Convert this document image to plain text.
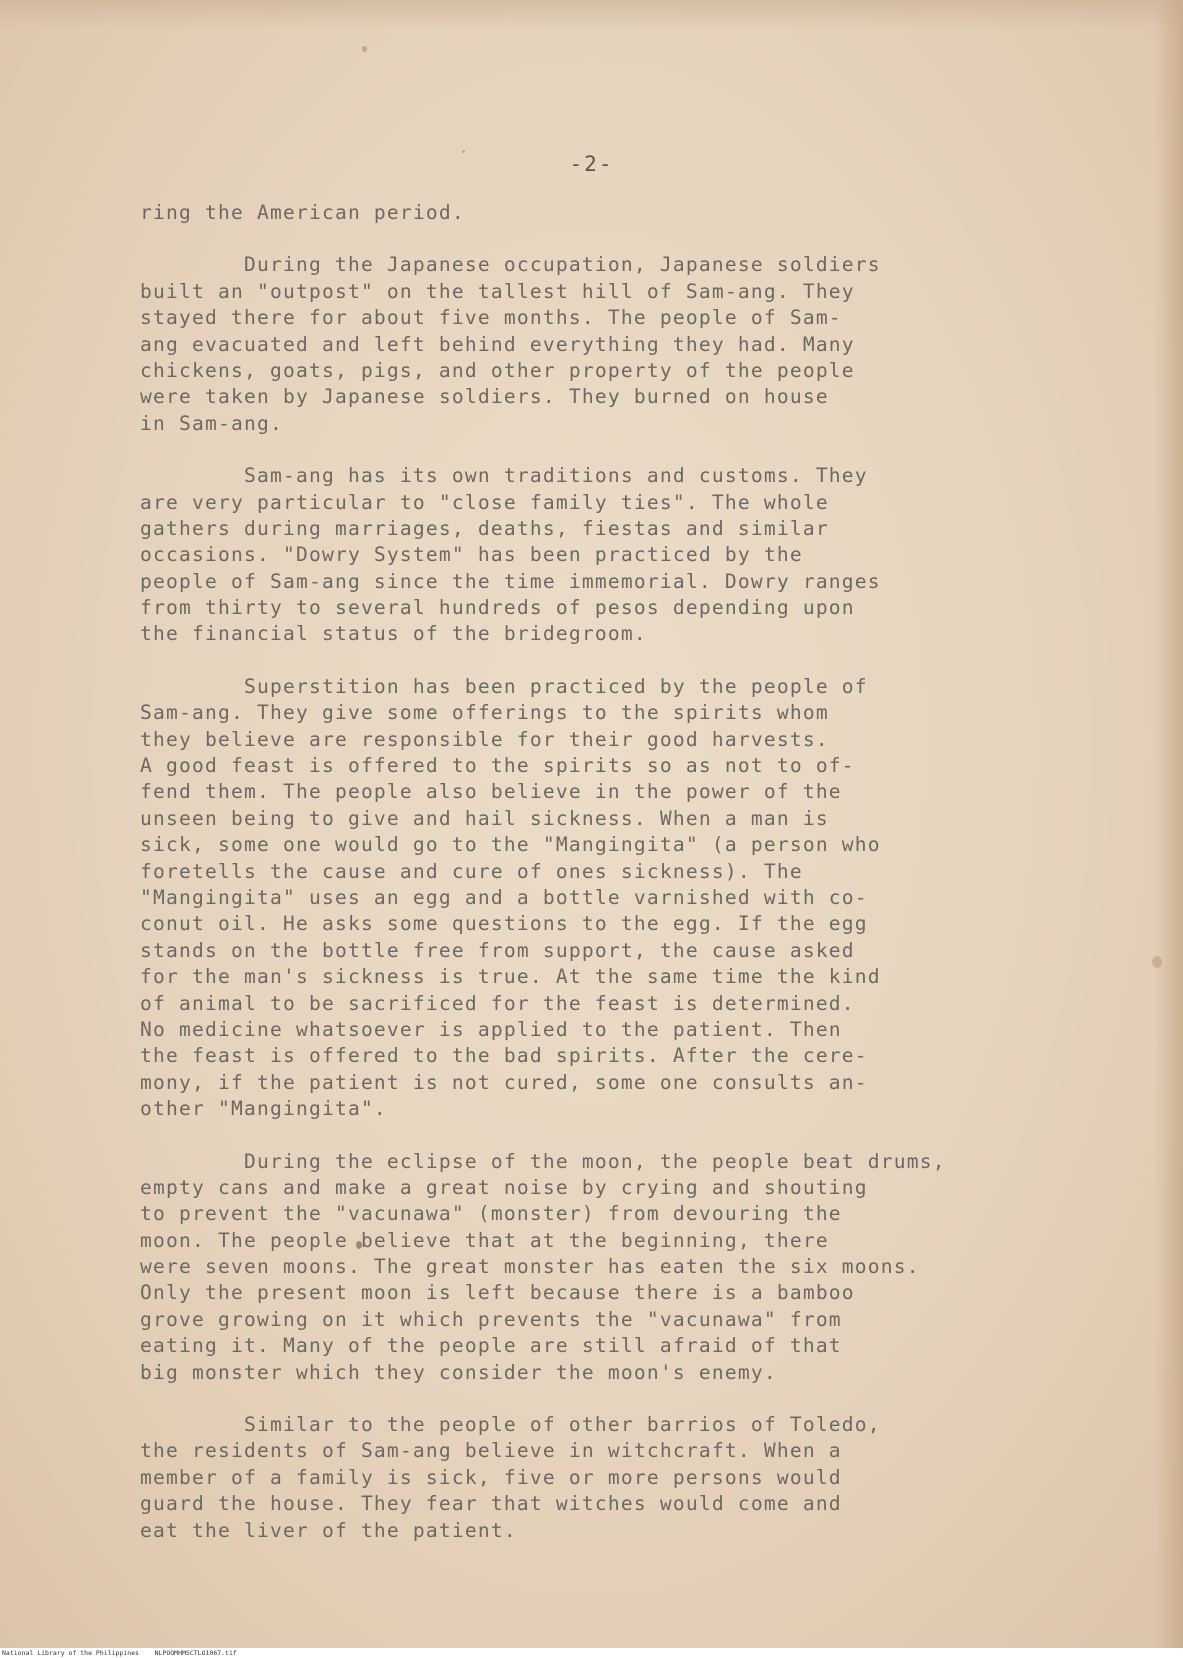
-2-
ring the American period.
During the Japanese occupation, Japanese soldiers
built an "outpost" on the tallest hill of Sam-ang. They
stayed there for about five months. The people of Sam-
ang evacuated and left behind everything they had. Many
chickens, goats, pigs, and other property of the people
were taken by Japanese soldiers. They burned on house
in Sam-ang.
Sam-ang has its own traditions and customs. They
are very particular to "close family ties". The whole
gathers during marriages, deaths, fiestas and similar
occasions. "Dowry System" has been practiced by the
people of Sam-ang since the time immemorial. Dowry ranges
from thirty to several hundreds of pesos depending upon
the financial status of the bridegroom.
Superstition has been practiced by the people of
Sam-ang. They give some offerings to the spirits whom
they believe are responsible for their good harvests.
A good feast is offered to the spirits so as not to of-
fend them. The people also believe in the power of the
unseen being to give and hail sickness. When a man is
sick, some one would go to the "Mangingita" (a person who
foretells the cause and cure of ones sickness). The
"Mangingita" uses an egg and a bottle varnished with co-
conut oil. He asks some questions to the egg. If the egg
stands on the bottle free from support, the cause asked
for the man's sickness is true. At the same time the kind
of animal to be sacrificed for the feast is determined.
No medicine whatsoever is applied to the patient. Then
the feast is offered to the bad spirits. After the cere-
mony, if the patient is not cured, some one consults an-
other "Mangingita".
During the eclipse of the moon, the people beat drums,
empty cans and make a great noise by crying and shouting
to prevent the "vacunawa" (monster) from devouring the
moon. The people believe that at the beginning, there
were seven moons. The great monster has eaten the six moons.
Only the present moon is left because there is a bamboo
grove growing on it which prevents the "vacunawa" from
eating it. Many of the people are still afraid of that
big monster which they consider the moon's enemy.
Similar to the people of other barrios of Toledo,
the residents of Sam-ang believe in witchcraft. When a
member of a family is sick, five or more persons would
guard the house. They fear that witches would come and
eat the liver of the patient.
National Library of the Philippines    NLPOOMHMSCTLO1067.tif
